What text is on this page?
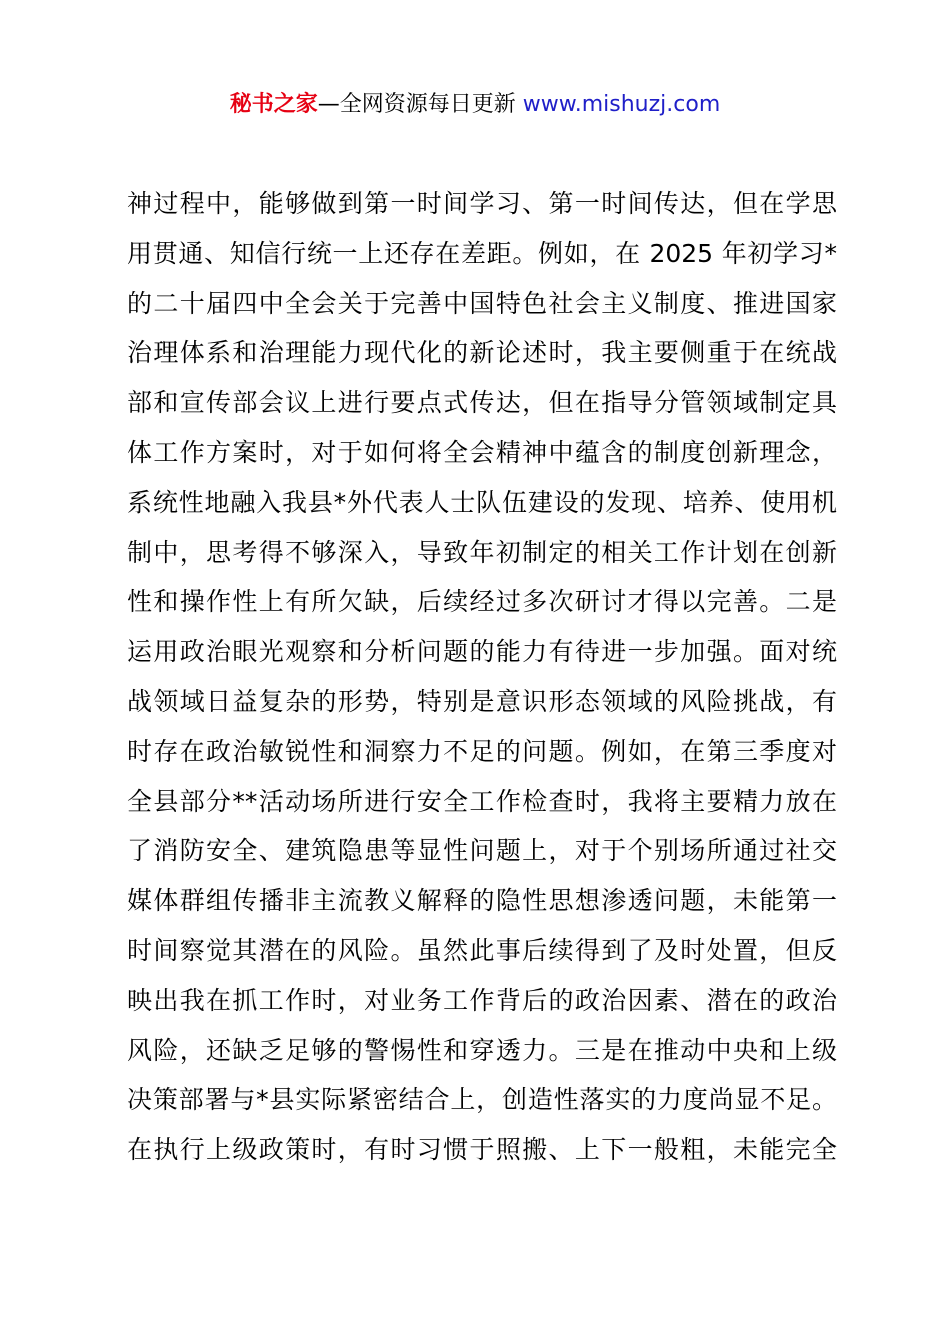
秘书之家—全网资源每日更新 www.mishuzj.com
神过程中，能够做到第一时间学习、第一时间传达，但在学思
用贯通、知信行统一上还存在差距。例如，在 2025 年初学习*
的二十届四中全会关于完善中国特色社会主义制度、推进国家
治理体系和治理能力现代化的新论述时，我主要侧重于在统战
部和宣传部会议上进行要点式传达，但在指导分管领域制定具
体工作方案时，对于如何将全会精神中蕴含的制度创新理念，
系统性地融入我县*外代表人士队伍建设的发现、培养、使用机
制中，思考得不够深入，导致年初制定的相关工作计划在创新
性和操作性上有所欠缺，后续经过多次研讨才得以完善。二是
运用政治眼光观察和分析问题的能力有待进一步加强。面对统
战领域日益复杂的形势，特别是意识形态领域的风险挑战，有
时存在政治敏锐性和洞察力不足的问题。例如，在第三季度对
全县部分**活动场所进行安全工作检查时，我将主要精力放在
了消防安全、建筑隐患等显性问题上，对于个别场所通过社交
媒体群组传播非主流教义解释的隐性思想渗透问题，未能第一
时间察觉其潜在的风险。虽然此事后续得到了及时处置，但反
映出我在抓工作时，对业务工作背后的政治因素、潜在的政治
风险，还缺乏足够的警惕性和穿透力。三是在推动中央和上级
决策部署与*县实际紧密结合上，创造性落实的力度尚显不足。
在执行上级政策时，有时习惯于照搬、上下一般粗，未能完全
